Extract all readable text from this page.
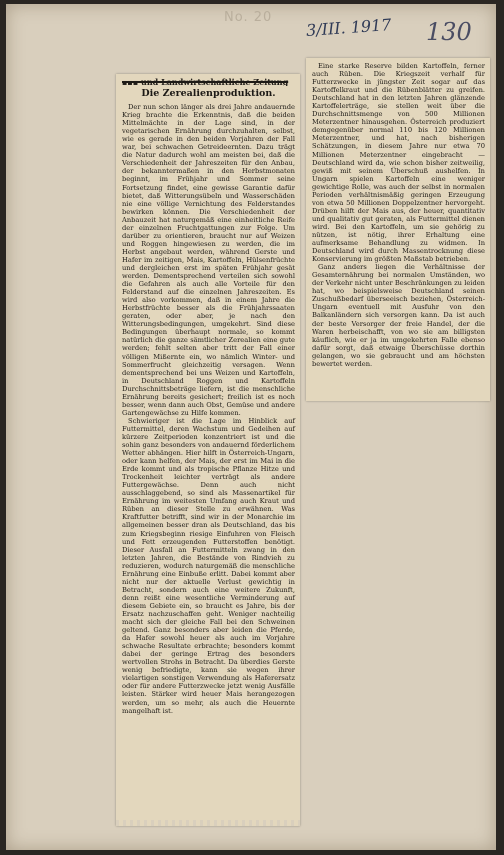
No. 20 3/III. 1917 130
▪▪▪ und Landwirtschaftliche Zeitung
Die Zerealienproduktion.

Der nun schon länger als drei Jahre andauernde Krieg brachte die Erkenntnis, daß die beiden Mittelmächte in der Lage sind, in der vegetarischen Ernährung durchzuhalten, selbst, wie es gerade in den beiden Vorjahren der Fall war, bei schwachen Getreideernten. Dazu trägt die Natur dadurch wohl am meisten bei, daß die Verschiedenheit der Jahreszeiten für den Anbau, der bekanntermaßen in den Herbstmonaten beginnt, im Frühjahr und Sommer seine Fortsetzung findet, eine gewisse Garantie dafür bietet, daß Witterungsübeln und Wasserschäden nie eine völlige Vernichtung des Felderstandes bewirken können. Die Verschiedenheit der Anbauzeit hat naturgemäß eine einheitliche Reife der einzelnen Fruchtgattungen zur Folge. Um darüber zu orientieren, braucht nur auf Weizen und Roggen hingewiesen zu werden, die im Herbst angebaut werden, während Gerste und Hafer im zeitigen, Mais, Kartoffeln, Hülsenfrüchte und dergleichen erst im späten Frühjahr gesät werden. Dementsprechend verteilen sich sowohl die Gefahren als auch alle Vorteile für den Felderstand auf die einzelnen Jahreszeiten. Es wird also vorkommen, daß in einem Jahre die Herbstfrüchte besser als die Frühjahrssaaten geraten, oder aber, je nach den Witterungsbedingungen, umgekehrt. Sind diese Bedingungen überhaupt normale, so kommt natürlich die ganze sämtlicher Zerealien eine gute werden; fehlt selten aber tritt der Fall einer völligen Mißernte ein, wo nämlich Winter- und Sommerfrucht gleichzeitig versagen. Wenn dementsprechend bei uns Weizen und Kartoffeln, in Deutschland Roggen und Kartoffeln Durchschnittsbeträge liefern, ist die menschliche Ernährung bereits gesichert; freilich ist es noch besser, wenn dann auch Obst, Gemüse und andere Gartengewächse zu Hilfe kommen.

Schwieriger ist die Lage im Hinblick auf Futtermittel, deren Wachstum und Gedeihen auf kürzere Zeitperioden konzentriert ist und die sohin ganz besonders von andauernd förderlichem Wetter abhängen. Hier hilft in Österreich-Ungarn, oder kann helfen, der Mais, der erst im Mai in die Erde kommt und als tropische Pflanze Hitze und Trockenheit leichter verträgt als andere Futtergewächse. Denn auch nicht ausschlaggebend, so sind als Massenartikel für Ernährung im weitesten Umfang auch Kraut und Rüben an dieser Stelle zu erwähnen. Was Kraftfutter betrifft, sind wir in der Monarchie im allgemeinen besser dran als Deutschland, das bis zum Kriegsbeginn riesige Einfuhren von Fleisch und Fett erzeugenden Futterstoffen benötigt. Dieser Ausfall an Futtermitteln zwang in den letzten Jahren, die Bestände von Rindvieh zu reduzieren, wodurch naturgemäß die menschliche Ernährung eine Einbuße erlitt. Dabei kommt aber nicht nur der aktuelle Verlust gewichtig in Betracht, sondern auch eine weitere Zukunft, denn reißt eine wesentliche Verminderung auf diesem Gebiete ein, so braucht es Jahre, bis der Ersatz nachzuschaffen geht. Weniger nachteilig macht sich der gleiche Fall bei den Schweinen geltend. Ganz besonders aber leiden die Pferde, da Hafer sowohl heuer als auch im Vorjahre schwache Resultate erbrachte; besonders kommt dabei der geringe Ertrag des besonders wertvollen Strohs in Betracht. Da überdies Gerste wenig befriedigte, kann sie wegen ihrer vielartigen sonstigen Verwendung als Haferersatz oder für andere Futterzwecke jetzt wenig Ausfälle leisten. Stärker wird heuer Mais herangezogen werden, um so mehr, als auch die Heuernte mangelhaft ist.

Eine starke Reserve bilden Kartoffeln, ferner auch Rüben. Die Kriegszeit verhalf für Futterzwecke in jüngster Zeit sogar auf das Kartoffelkraut und die Rübenblätter zu greifen. Deutschland hat in den letzten Jahren glänzende Kartoffelerträge, sie stellen weit über die Durchschnittsmenge von 500 Millionen Meterzentner hinausgehen. Österreich produziert demgegenüber normal 110 bis 120 Millionen Meterzentner, und hat, nach bisherigen Schätzungen, in diesem Jahre nur etwa 70 Millionen Meterzentner eingebracht — Deutschland wird da, wie schon bisher zeitweilig, gewiß mit seinem Überschuß aushelfen. In Ungarn spielen Kartoffeln eine weniger gewichtige Rolle, was auch der selbst in normalen Perioden verhältnismäßig geringen Erzeugung von etwa 50 Millionen Doppelzentner hervorgeht. Drüben hilft der Mais aus, der heuer, quantitativ und qualitativ gut geraten, als Futtermittel dienen wird. Bei den Kartoffeln, um sie gehörig zu nützen, ist nötig, ihrer Erhaltung eine aufmerksame Behandlung zu widmen. In Deutschland wird durch Massentrocknung diese Konservierung im größten Maßstab betrieben.

Ganz anders liegen die Verhältnisse der Gesamternährung bei normalen Umständen, wo der Verkehr nicht unter Beschränkungen zu leiden hat, wo beispielsweise Deutschland seinen Zuschußbedarf überseeisch beziehen, Österreich-Ungarn eventuell mit Ausfuhr von den Balkanländern sich versorgen kann. Da ist auch der beste Versorger der freie Handel, der die Waren herbeischafft, von wo sie am billigsten käuflich, wie er ja im umgekehrten Falle ebenso dafür sorgt, daß etwaige Überschüsse dorthin gelangen, wo sie gebraucht und am höchsten bewertet werden.
